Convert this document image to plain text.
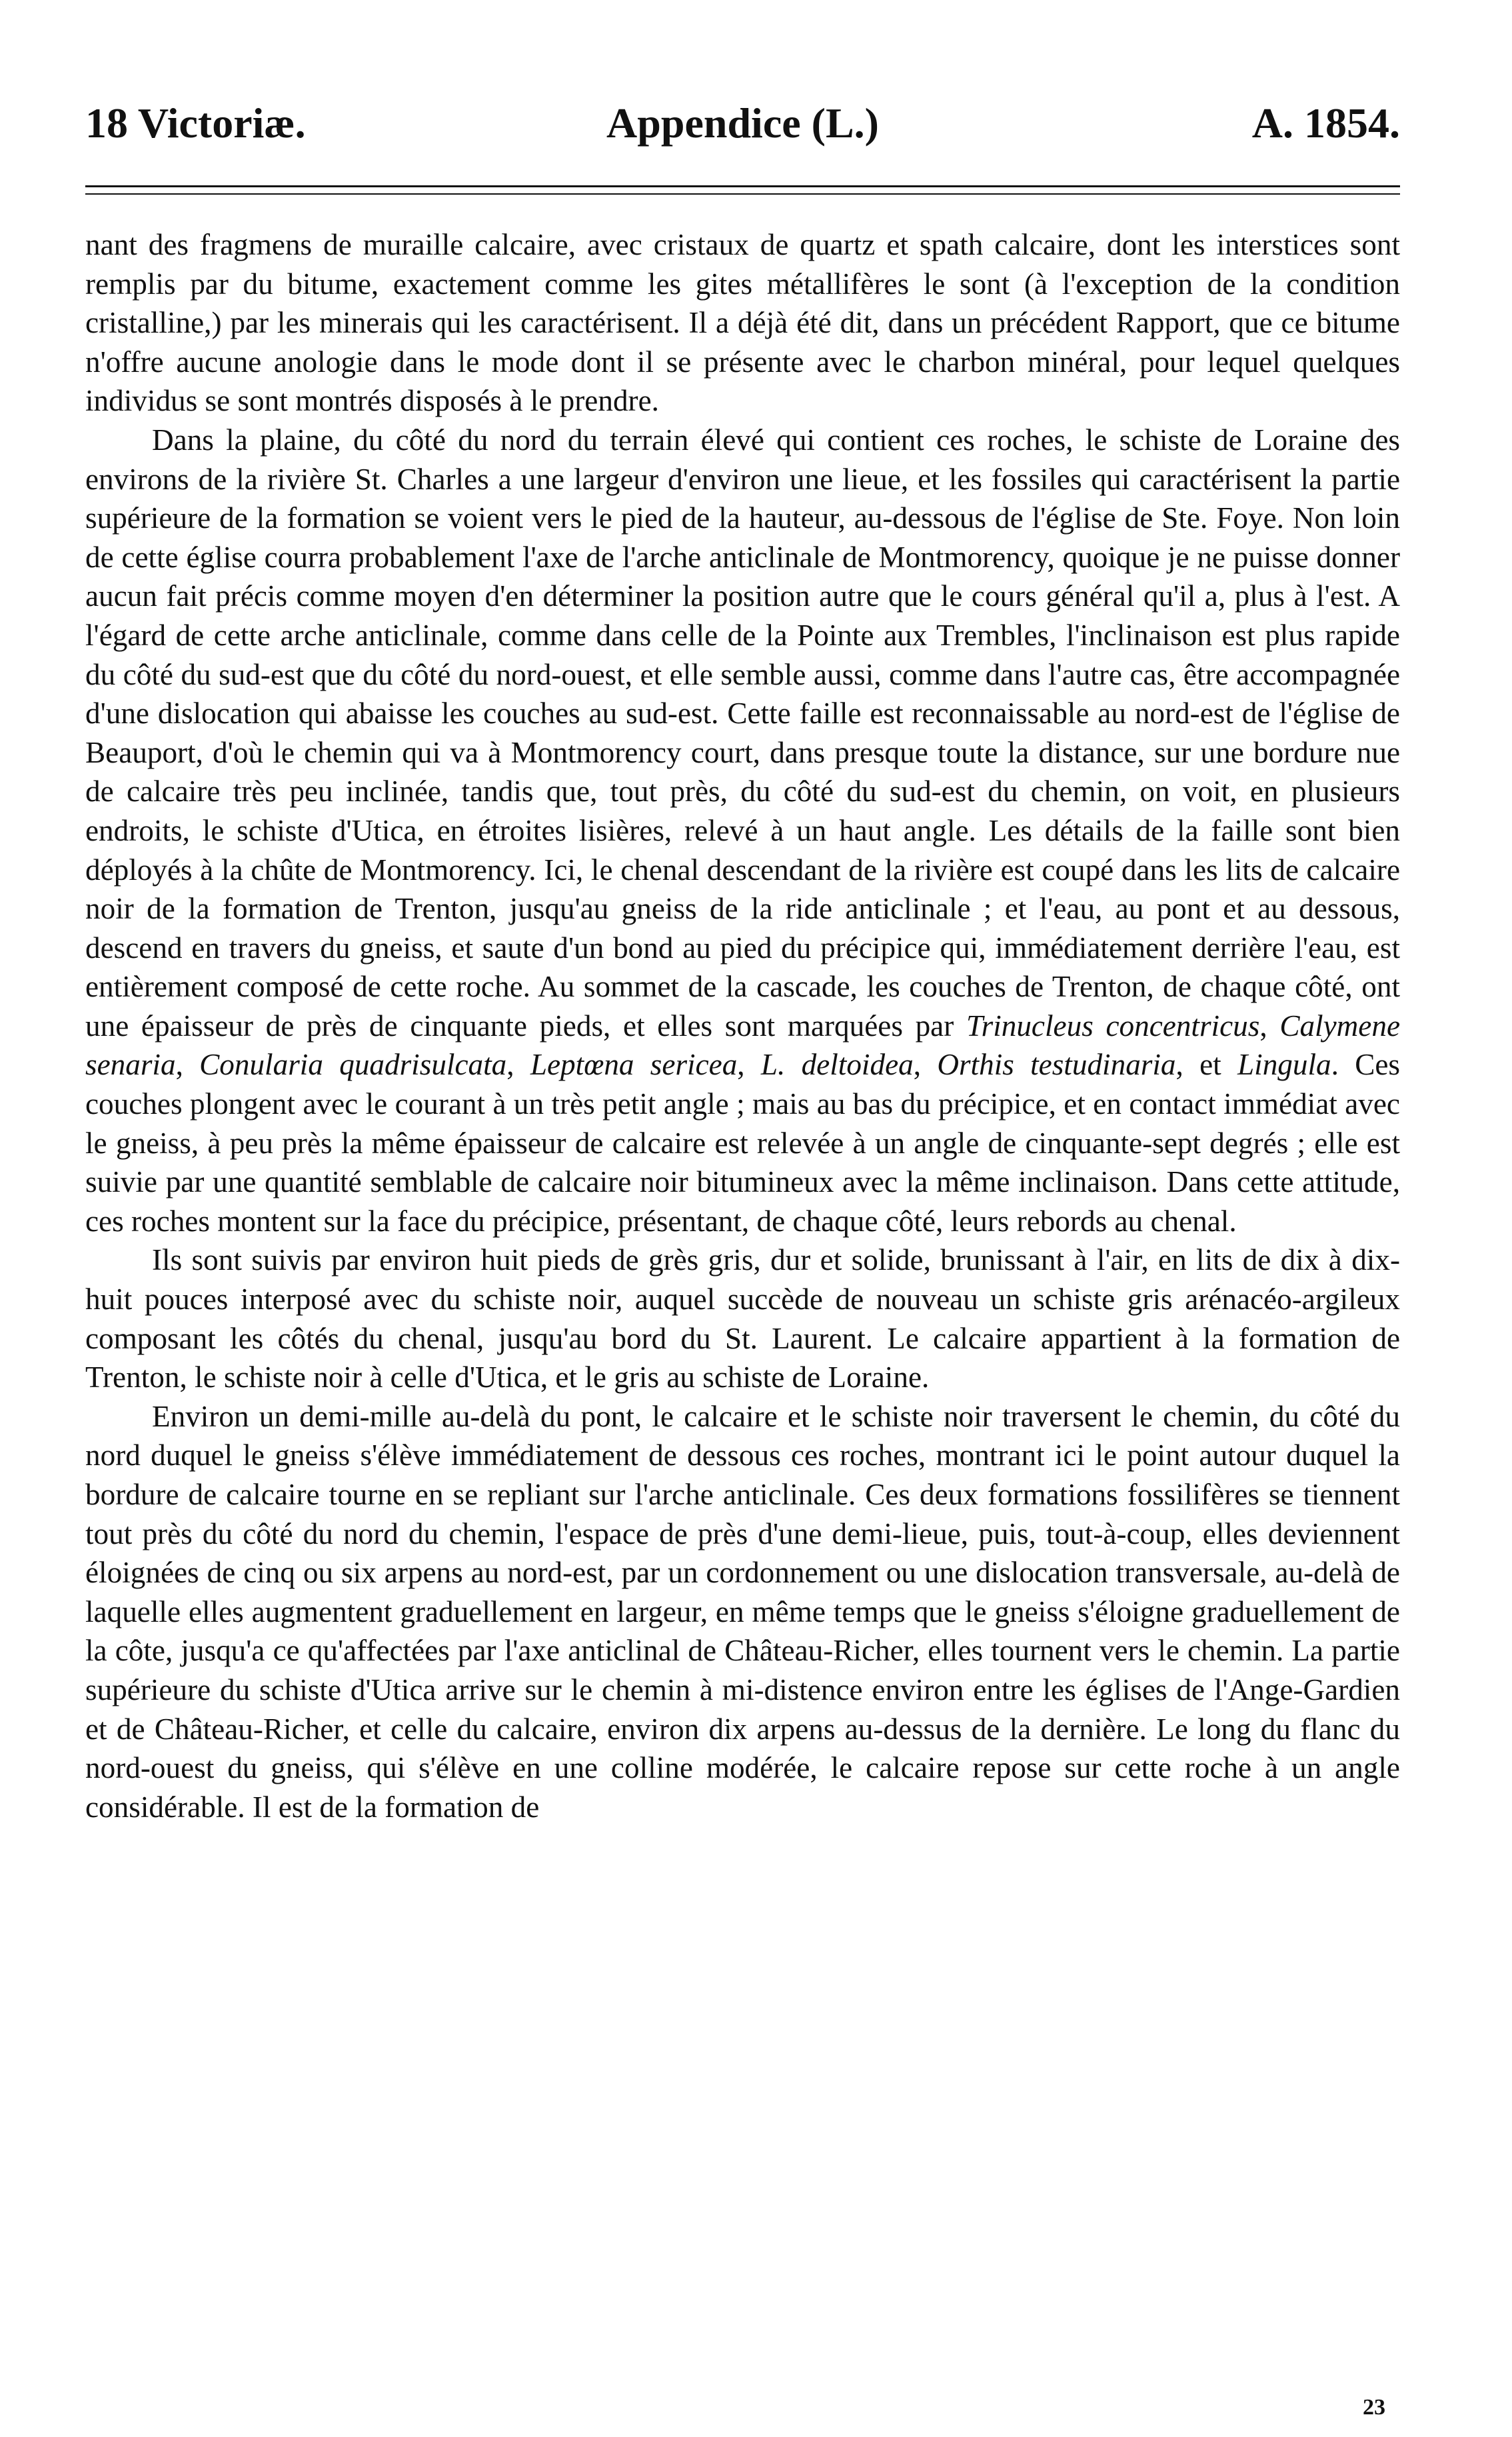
18 Victoriæ.	Appendice (L.)	A. 1854.

nant des fragmens de muraille calcaire, avec cristaux de quartz et spath calcaire, dont les interstices sont remplis par du bitume, exactement comme les gites métallifères le sont (à l'exception de la condition cristalline,) par les minerais qui les caractérisent. Il a déjà été dit, dans un précédent Rapport, que ce bitume n'offre aucune anologie dans le mode dont il se présente avec le charbon minéral, pour lequel quelques individus se sont montrés disposés à le prendre.

Dans la plaine, du côté du nord du terrain élevé qui contient ces roches, le schiste de Loraine des environs de la rivière St. Charles a une largeur d'environ une lieue, et les fossiles qui caractérisent la partie supérieure de la formation se voient vers le pied de la hauteur, au-dessous de l'église de Ste. Foye. Non loin de cette église courra probablement l'axe de l'arche anticlinale de Montmorency, quoique je ne puisse donner aucun fait précis comme moyen d'en déterminer la position autre que le cours général qu'il a, plus à l'est. A l'égard de cette arche anticlinale, comme dans celle de la Pointe aux Trembles, l'inclinaison est plus rapide du côté du sud-est que du côté du nord-ouest, et elle semble aussi, comme dans l'autre cas, être accompagnée d'une dislocation qui abaisse les couches au sud-est. Cette faille est reconnaissable au nord-est de l'église de Beauport, d'où le chemin qui va à Montmorency court, dans presque toute la distance, sur une bordure nue de calcaire très peu inclinée, tandis que, tout près, du côté du sud-est du chemin, on voit, en plusieurs endroits, le schiste d'Utica, en étroites lisières, relevé à un haut angle. Les détails de la faille sont bien déployés à la chûte de Montmorency. Ici, le chenal descendant de la rivière est coupé dans les lits de calcaire noir de la formation de Trenton, jusqu'au gneiss de la ride anticlinale ; et l'eau, au pont et au dessous, descend en travers du gneiss, et saute d'un bond au pied du précipice qui, immédiatement derrière l'eau, est entièrement composé de cette roche. Au sommet de la cascade, les couches de Trenton, de chaque côté, ont une épaisseur de près de cinquante pieds, et elles sont marquées par Trinucleus concentricus, Calymene senaria, Conularia quadrisulcata, Leptœna sericea, L. deltoidea, Orthis testudinaria, et Lingula. Ces couches plongent avec le courant à un très petit angle ; mais au bas du précipice, et en contact immédiat avec le gneiss, à peu près la même épaisseur de calcaire est relevée à un angle de cinquante-sept degrés ; elle est suivie par une quantité semblable de calcaire noir bitumineux avec la même inclinaison. Dans cette attitude, ces roches montent sur la face du précipice, présentant, de chaque côté, leurs rebords au chenal.

Ils sont suivis par environ huit pieds de grès gris, dur et solide, brunissant à l'air, en lits de dix à dix-huit pouces interposé avec du schiste noir, auquel succède de nouveau un schiste gris arénacéo-argileux composant les côtés du chenal, jusqu'au bord du St. Laurent. Le calcaire appartient à la formation de Trenton, le schiste noir à celle d'Utica, et le gris au schiste de Loraine.

Environ un demi-mille au-delà du pont, le calcaire et le schiste noir traversent le chemin, du côté du nord duquel le gneiss s'élève immédiatement de dessous ces roches, montrant ici le point autour duquel la bordure de calcaire tourne en se repliant sur l'arche anticlinale. Ces deux formations fossilifères se tiennent tout près du côté du nord du chemin, l'espace de près d'une demi-lieue, puis, tout-à-coup, elles deviennent éloignées de cinq ou six arpens au nord-est, par un cordonnement ou une dislocation transversale, au-delà de laquelle elles augmentent graduellement en largeur, en même temps que le gneiss s'éloigne graduellement de la côte, jusqu'a ce qu'affectées par l'axe anticlinal de Château-Richer, elles tournent vers le chemin. La partie supérieure du schiste d'Utica arrive sur le chemin à mi-distence environ entre les églises de l'Ange-Gardien et de Château-Richer, et celle du calcaire, environ dix arpens au-dessus de la dernière. Le long du flanc du nord-ouest du gneiss, qui s'élève en une colline modérée, le calcaire repose sur cette roche à un angle considérable. Il est de la formation de

23
